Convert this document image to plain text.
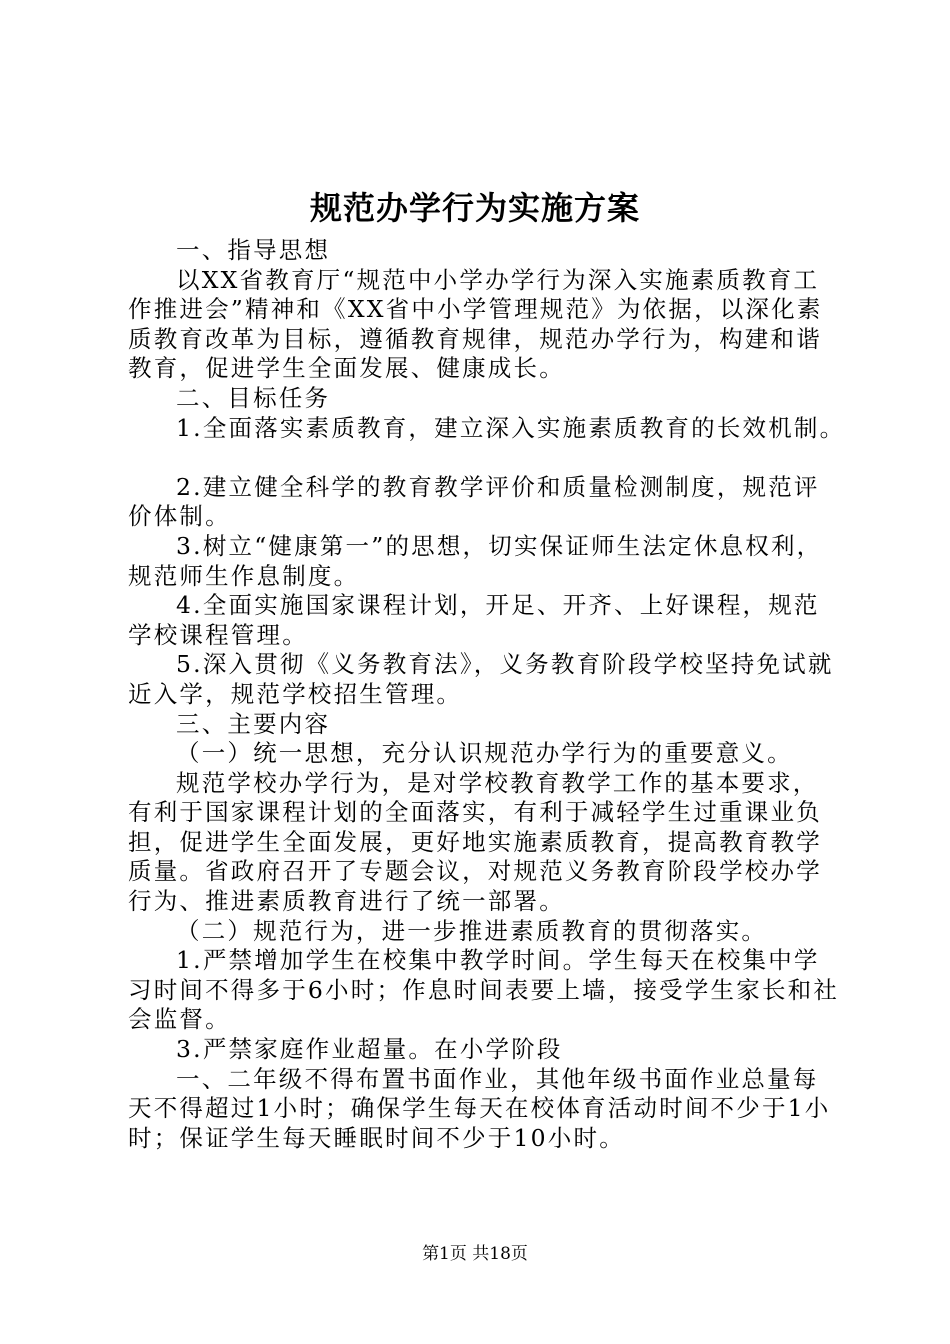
规范办学行为实施方案

一、指导思想

以XX省教育厅“规范中小学办学行为深入实施素质教育工作推进会”精神和《XX省中小学管理规范》为依据，以深化素质教育改革为目标，遵循教育规律，规范办学行为，构建和谐教育，促进学生全面发展、健康成长。

二、目标任务

1.全面落实素质教育，建立深入实施素质教育的长效机制。

2.建立健全科学的教育教学评价和质量检测制度，规范评价体制。

3.树立“健康第一”的思想，切实保证师生法定休息权利，规范师生作息制度。

4.全面实施国家课程计划，开足、开齐、上好课程，规范学校课程管理。

5.深入贯彻《义务教育法》，义务教育阶段学校坚持免试就近入学，规范学校招生管理。

三、主要内容

（一）统一思想，充分认识规范办学行为的重要意义。

规范学校办学行为，是对学校教育教学工作的基本要求，有利于国家课程计划的全面落实，有利于减轻学生过重课业负担，促进学生全面发展，更好地实施素质教育，提高教育教学质量。省政府召开了专题会议，对规范义务教育阶段学校办学行为、推进素质教育进行了统一部署。

（二）规范行为，进一步推进素质教育的贯彻落实。

1.严禁增加学生在校集中教学时间。学生每天在校集中学习时间不得多于6小时；作息时间表要上墙，接受学生家长和社会监督。

3.严禁家庭作业超量。在小学阶段

一、二年级不得布置书面作业，其他年级书面作业总量每天不得超过1小时；确保学生每天在校体育活动时间不少于1小时；保证学生每天睡眠时间不少于10小时。

第1页 共18页
